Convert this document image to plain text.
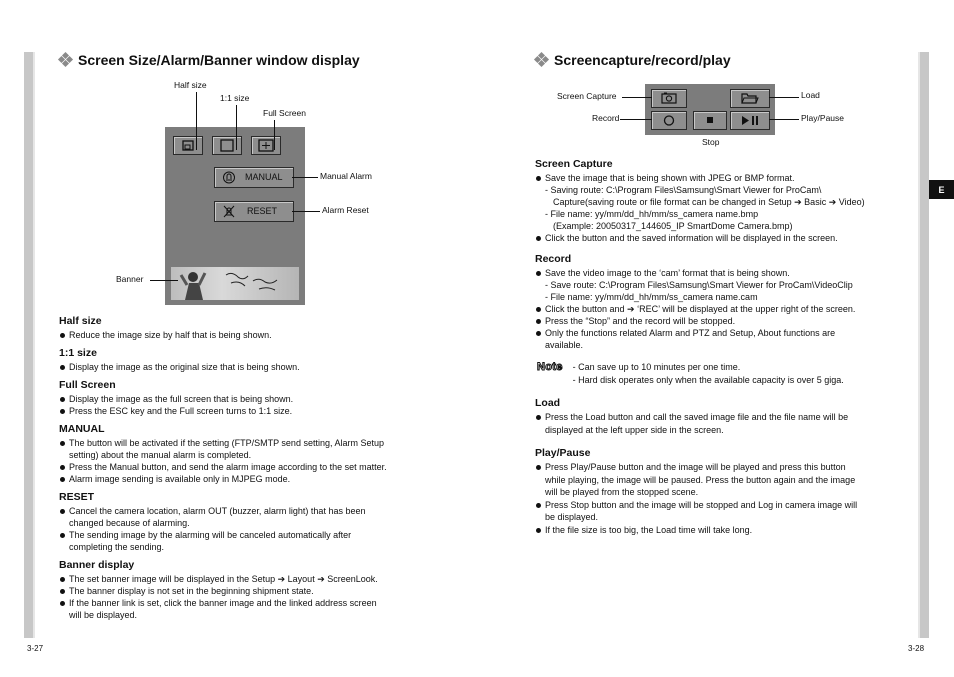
E
Screen Size/Alarm/Banner window display
MANUAL
RESET
Half size
1:1 size
Full Screen
Manual Alarm
Alarm Reset
Banner
Half size
Reduce the image size by half that is being shown.
1:1 size
Display the image as the original size that is being shown.
Full Screen
Display the image as the full screen that is being shown.
Press the ESC key and the Full screen turns to 1:1 size.
MANUAL
The button will be activated if the setting (FTP/SMTP send setting, Alarm Setup
setting) about the manual alarm is completed.
Press the Manual button, and send the alarm image according to the set matter.
Alarm image sending is available only in MJPEG mode.
RESET
Cancel the camera location, alarm OUT (buzzer, alarm light) that has been
changed because of alarming.
The sending image by the alarming will be canceled automatically after
completing the sending.
Banner display
The set banner image will be displayed in the Setup ➔ Layout ➔ ScreenLook.
The banner display is not set in the beginning shipment state.
If the banner link is set, click the banner image and the linked address screen
will be displayed.
3-27
Screencapture/record/play
Screen Capture
Record
Load
Play/Pause
Stop
Screen Capture
Save the image that is being shown with JPEG or BMP format.
- Saving route: C:\Program Files\Samsung\Smart Viewer for ProCam\
Capture(saving route or file format can be changed in Setup ➔ Basic ➔ Video)
- File name: yy/mm/dd_hh/mm/ss_camera name.bmp
(Example: 20050317_144605_IP SmartDome Camera.bmp)
Click the button and the saved information will be displayed in the screen.
Record
Save the video image to the ‘cam’ format that is being shown.
- Save route: C:\Program Files\Samsung\Smart Viewer for ProCam\VideoClip
- File name: yy/mm/dd_hh/mm/ss_camera name.cam
Click the button and ➔ ‘REC’ will be displayed at the upper right of the screen.
Press the “Stop” and the record will be stopped.
Only the functions related Alarm and PTZ and Setup, About functions are
available.
Note - Can save up to 10 minutes per one time.
- Hard disk operates only when the available capacity is over 5 giga.
Load
Press the Load button and call the saved image file and the file name will be
displayed at the left upper side in the screen.
Play/Pause
Press Play/Pause button and the image will be played and press this button
while playing, the image will be paused. Press the button again and the image
will be played from the stopped scene.
Press Stop button and the image will be stopped and Log in camera image will
be displayed.
If the file size is too big, the Load time will take long.
3-28
